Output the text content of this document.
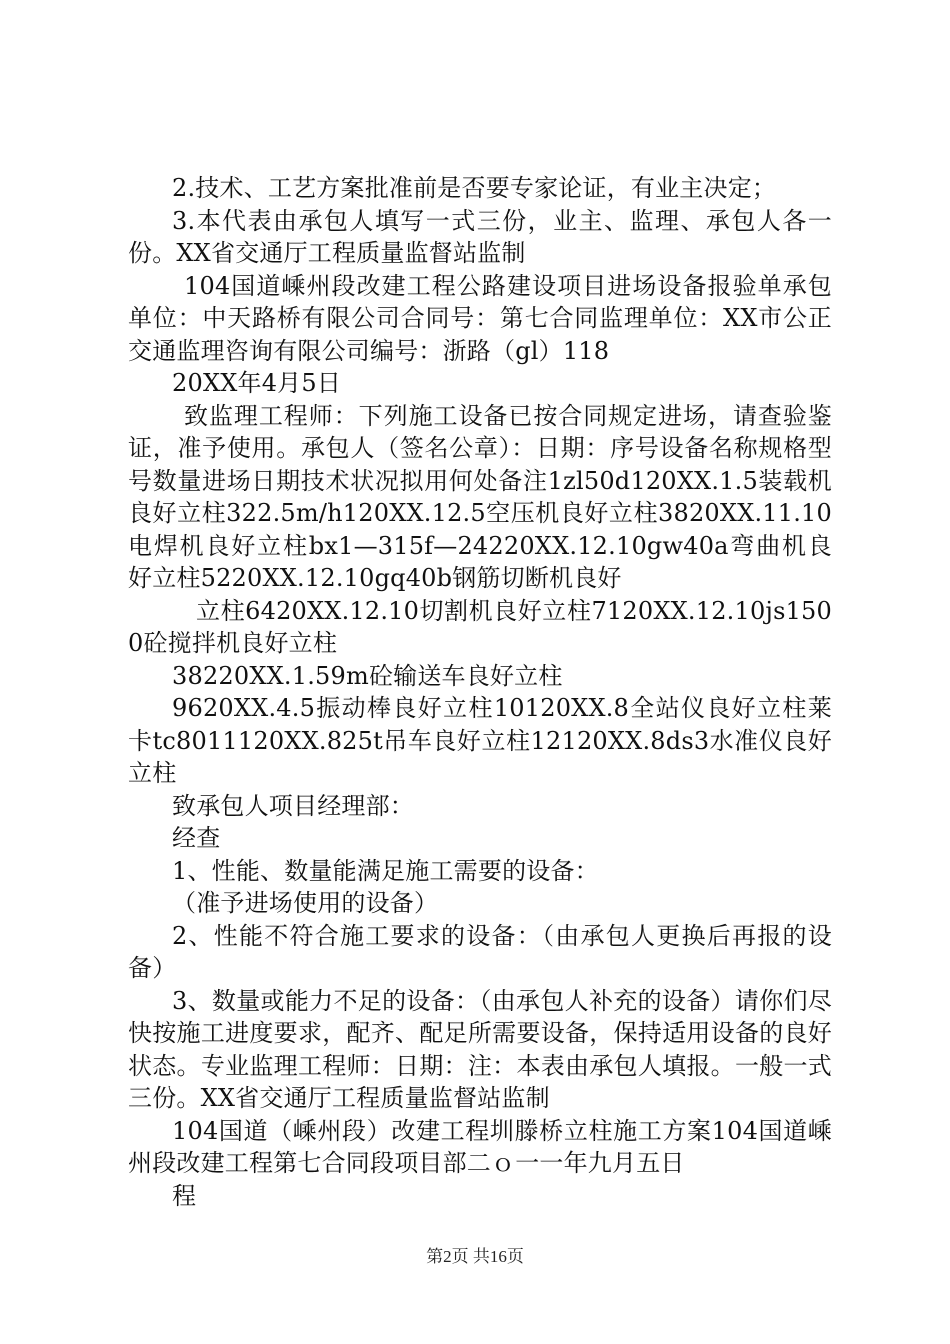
2.技术、工艺方案批准前是否要专家论证，有业主决定；

3.本代表由承包人填写一式三份，业主、监理、承包人各一份。XX省交通厅工程质量监督站监制

104国道嵊州段改建工程公路建设项目进场设备报验单承包单位：中天路桥有限公司合同号：第七合同监理单位：XX市公正交通监理咨询有限公司编号：浙路（gl）118

20XX年4月5日

致监理工程师：下列施工设备已按合同规定进场，请查验鉴证，准予使用。承包人（签名公章）：日期：序号设备名称规格型号数量进场日期技术状况拟用何处备注1zl50d120XX.1.5装载机良好立柱322.5m/h120XX.12.5空压机良好立柱3820XX.11.10电焊机良好立柱bx1—315f—24220XX.12.10gw40a弯曲机良好立柱5220XX.12.10gq40b钢筋切断机良好

立柱6420XX.12.10切割机良好立柱7120XX.12.10js1500砼搅拌机良好立柱

38220XX.1.59m砼输送车良好立柱

9620XX.4.5振动棒良好立柱10120XX.8全站仪良好立柱莱卡tc8011120XX.825t吊车良好立柱12120XX.8ds3水准仪良好立柱

致承包人项目经理部：

经查

1、性能、数量能满足施工需要的设备：

（准予进场使用的设备）

2、性能不符合施工要求的设备：（由承包人更换后再报的设备）

3、数量或能力不足的设备：（由承包人补充的设备）请你们尽快按施工进度要求，配齐、配足所需要设备，保持适用设备的良好状态。专业监理工程师：日期：注：本表由承包人填报。一般一式三份。XX省交通厅工程质量监督站监制

104国道（嵊州段）改建工程圳滕桥立柱施工方案104国道嵊州段改建工程第七合同段项目部二ｏ一一年九月五日

程

第2页 共16页
